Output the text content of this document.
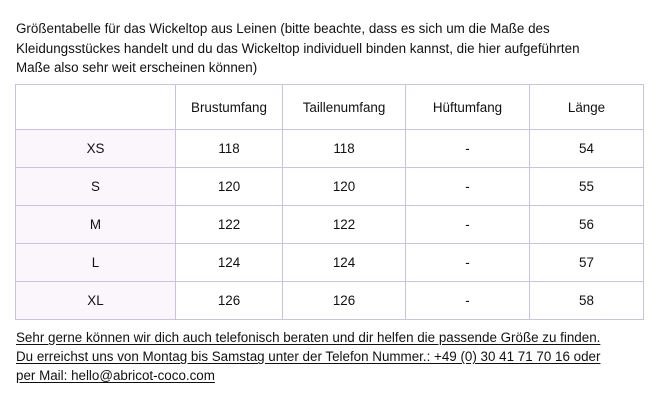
Größentabelle für das Wickeltop aus Leinen (bitte beachte, dass es sich um die Maße des
Kleidungsstückes handelt und du das Wickeltop individuell binden kannst, die hier aufgeführten
Maße also sehr weit erscheinen können)

	Brustumfang	Taillenumfang	Hüftumfang	Länge
XS	118	118	-	54
S	120	120	-	55
M	122	122	-	56
L	124	124	-	57
XL	126	126	-	58

Sehr gerne können wir dich auch telefonisch beraten und dir helfen die passende Größe zu finden.
Du erreichst uns von Montag bis Samstag unter der Telefon Nummer.: +49 (0) 30 41 71 70 16 oder
per Mail: hello@abricot-coco.com
